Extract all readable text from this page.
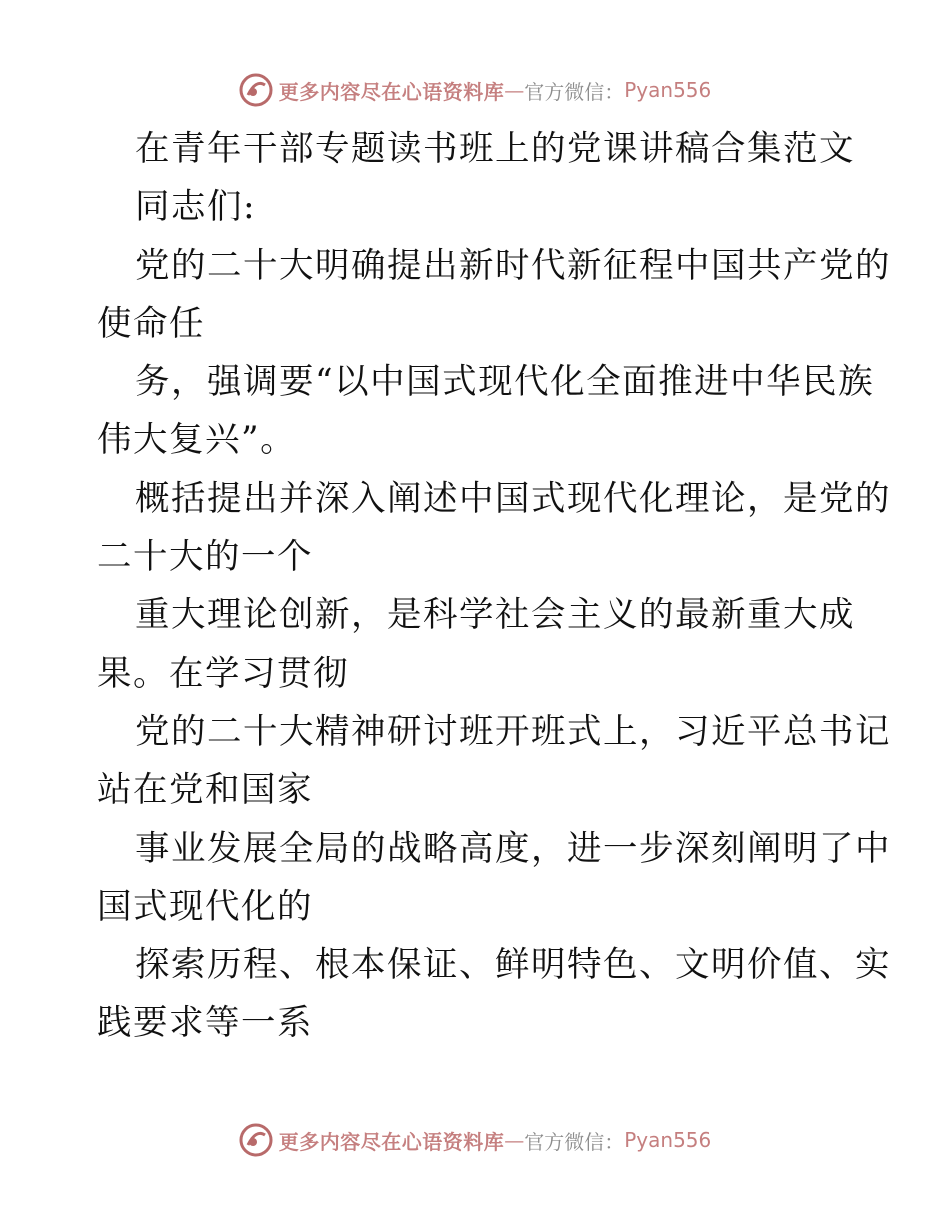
更多内容尽在心语资料库 — 官方微信： Pyan556
在青年干部专题读书班上的党课讲稿合集范文
同志们:
党的二十大明确提出新时代新征程中国共产党的
使命任
务，强调要“以中国式现代化全面推进中华民族
伟大复兴”。
概括提出并深入阐述中国式现代化理论，是党的
二十大的一个
重大理论创新，是科学社会主义的最新重大成
果。在学习贯彻
党的二十大精神研讨班开班式上，习近平总书记
站在党和国家
事业发展全局的战略高度，进一步深刻阐明了中
国式现代化的
探索历程、根本保证、鲜明特色、文明价值、实
践要求等一系
更多内容尽在心语资料库 — 官方微信： Pyan556
